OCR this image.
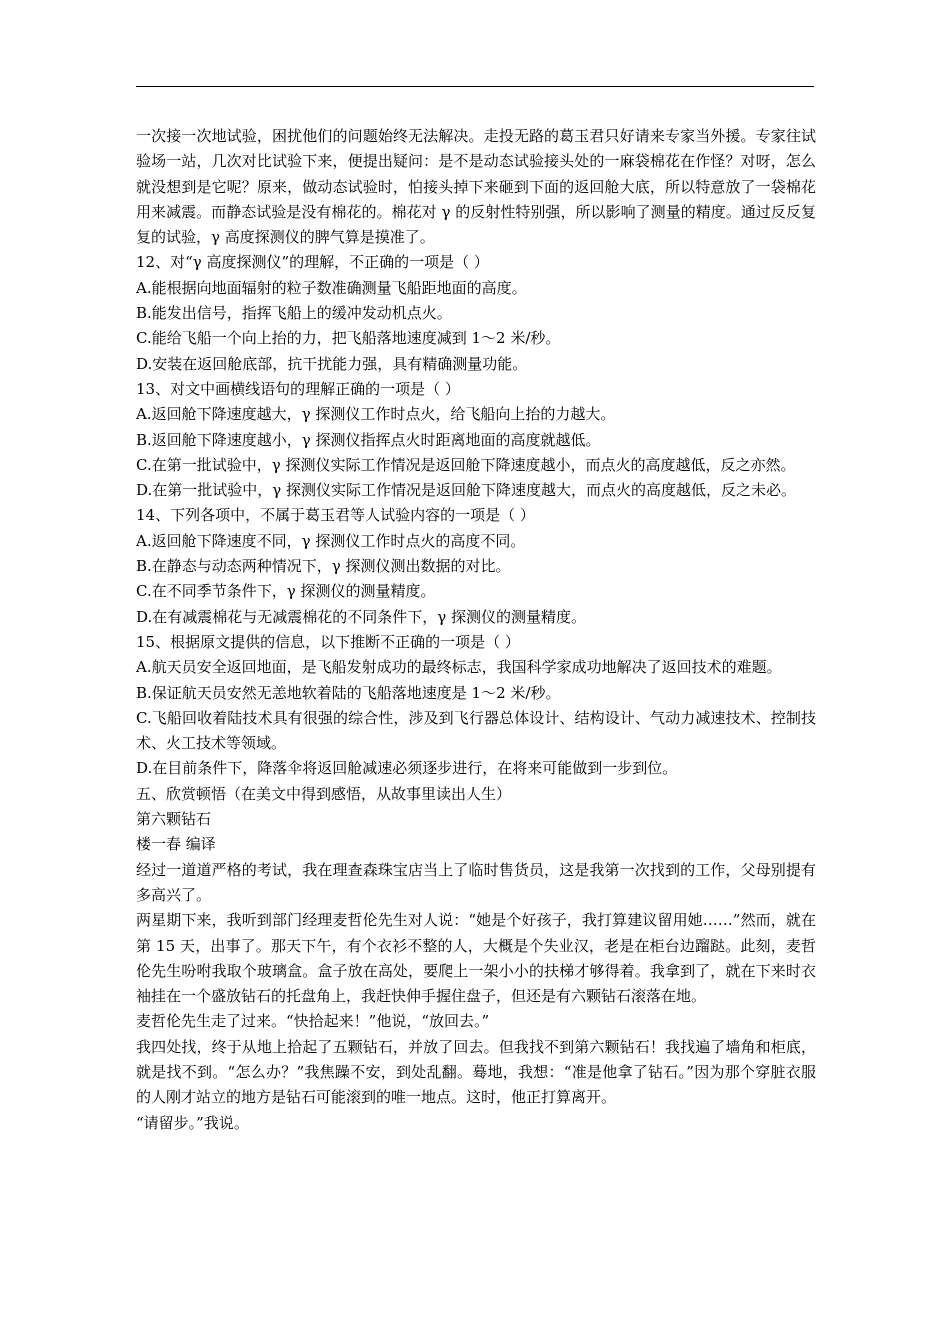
一次接一次地试验，困扰他们的问题始终无法解决。走投无路的葛玉君只好请来专家当外援。专家往试验场一站，几次对比试验下来，便提出疑问：是不是动态试验接头处的一麻袋棉花在作怪？对呀，怎么就没想到是它呢？原来，做动态试验时，怕接头掉下来砸到下面的返回舱大底，所以特意放了一袋棉花用来减震。而静态试验是没有棉花的。棉花对 γ 的反射性特别强，所以影响了测量的精度。通过反反复复的试验，γ 高度探测仪的脾气算是摸准了。

12、对“γ 高度探测仪”的理解，不正确的一项是（ ）

A.能根据向地面辐射的粒子数准确测量飞船距地面的高度。

B.能发出信号，指挥飞船上的缓冲发动机点火。

C.能给飞船一个向上抬的力，把飞船落地速度减到 1～2 米/秒。

D.安装在返回舱底部，抗干扰能力强，具有精确测量功能。

13、对文中画横线语句的理解正确的一项是（ ）

A.返回舱下降速度越大，γ 探测仪工作时点火，给飞船向上抬的力越大。

B.返回舱下降速度越小，γ 探测仪指挥点火时距离地面的高度就越低。

C.在第一批试验中，γ 探测仪实际工作情况是返回舱下降速度越小，而点火的高度越低，反之亦然。

D.在第一批试验中，γ 探测仪实际工作情况是返回舱下降速度越大，而点火的高度越低，反之未必。

14、下列各项中，不属于葛玉君等人试验内容的一项是（ ）

A.返回舱下降速度不同，γ 探测仪工作时点火的高度不同。

B.在静态与动态两种情况下，γ 探测仪测出数据的对比。

C.在不同季节条件下，γ 探测仪的测量精度。

D.在有减震棉花与无减震棉花的不同条件下，γ 探测仪的测量精度。

15、根据原文提供的信息，以下推断不正确的一项是（ ）

A.航天员安全返回地面，是飞船发射成功的最终标志，我国科学家成功地解决了返回技术的难题。

B.保证航天员安然无恙地软着陆的飞船落地速度是 1～2 米/秒。

C.飞船回收着陆技术具有很强的综合性，涉及到飞行器总体设计、结构设计、气动力减速技术、控制技术、火工技术等领域。

D.在目前条件下，降落伞将返回舱减速必须逐步进行，在将来可能做到一步到位。

五、欣赏顿悟（在美文中得到感悟，从故事里读出人生）

第六颗钻石

楼一春 编译

经过一道道严格的考试，我在理查森珠宝店当上了临时售货员，这是我第一次找到的工作，父母别提有多高兴了。

两星期下来，我听到部门经理麦哲伦先生对人说：“她是个好孩子，我打算建议留用她……”然而，就在第 15 天，出事了。那天下午，有个衣衫不整的人，大概是个失业汉，老是在柜台边蹓跶。此刻，麦哲伦先生吩咐我取个玻璃盒。盒子放在高处，要爬上一架小小的扶梯才够得着。我拿到了，就在下来时衣袖挂在一个盛放钻石的托盘角上，我赶快伸手握住盘子，但还是有六颗钻石滚落在地。

麦哲伦先生走了过来。“快拾起来！”他说，“放回去。”

我四处找，终于从地上拾起了五颗钻石，并放了回去。但我找不到第六颗钻石！我找遍了墙角和柜底，就是找不到。“怎么办？”我焦躁不安，到处乱翻。蓦地，我想：“准是他拿了钻石。”因为那个穿脏衣服的人刚才站立的地方是钻石可能滚到的唯一地点。这时，他正打算离开。

“请留步。”我说。
